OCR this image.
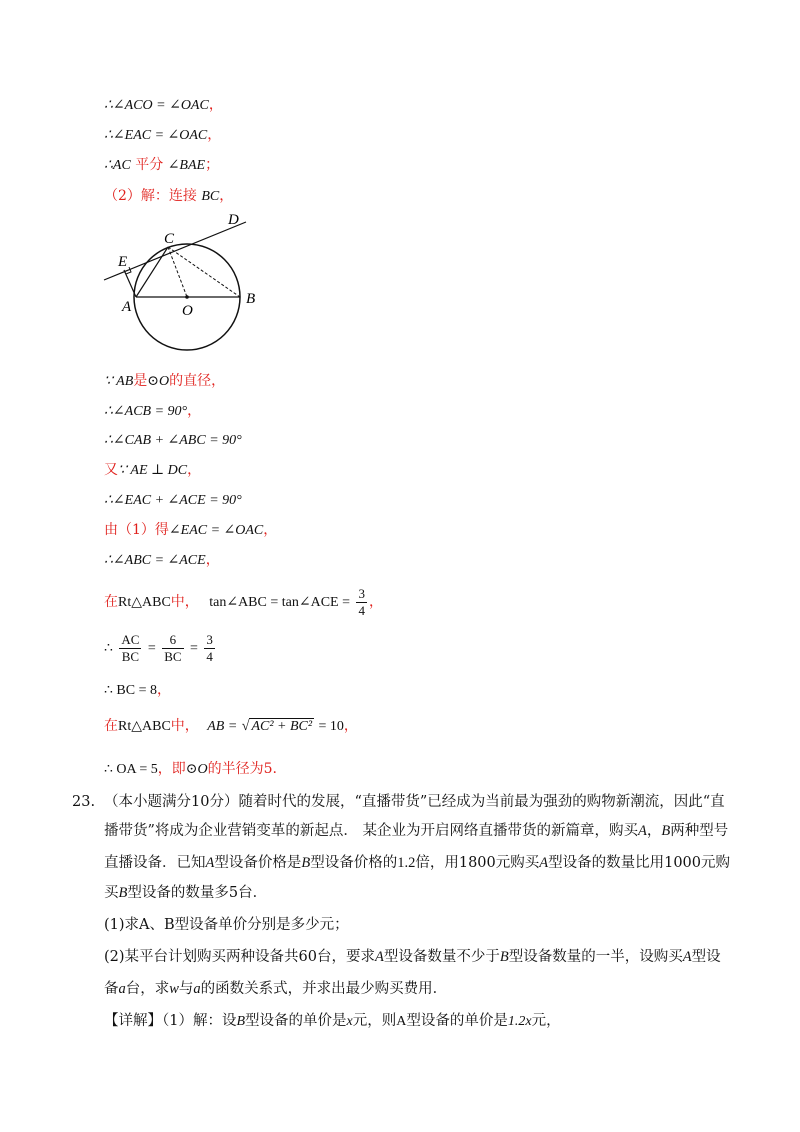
∴∠ACO = ∠OAC，
∴∠EAC = ∠OAC，
∴AC 平分 ∠BAE；
（2）解：连接 BC，
D
C
E
A	O
B
∵ AB是⊙O的直径，
∴∠ACB = 90°，
∴∠CAB + ∠ABC = 90°
又∵ AE ⊥ DC，
∴∠EAC + ∠ACE = 90°
由（1）得∠EAC = ∠OAC，
∴∠ABC = ∠ACE，
在Rt△ABC中， tan∠ABC = tan∠ACE = $\frac{3}{4}$ ，
∴ $\frac{AC}{BC} = \frac{6}{BC} = \frac{3}{4}$
∴ BC = 8，
在Rt△ABC中， AB = √ AC² + BC² = 10，
∴ OA = 5，即⊙O的半径为5.
23. （本小题满分10分）随着时代的发展，“直播带货”已经成为当前最为强劲的购物新潮流，因此“直
播带货”将成为企业营销变革的新起点． 某企业为开启网络直播带货的新篇章，购买A，B两种型号
直播设备．已知A型设备价格是B型设备价格的1.2倍，用1800元购买A型设备的数量比用1000元购
买B型设备的数量多5台．
(1)求A、B型设备单价分别是多少元；
(2)某平台计划购买两种设备共60台，要求A型设备数量不少于B型设备数量的一半，设购买A型设
备a台，求w与a的函数关系式，并求出最少购买费用．
【详解】（1）解：设B型设备的单价是x元，则A型设备的单价是1.2x元，
